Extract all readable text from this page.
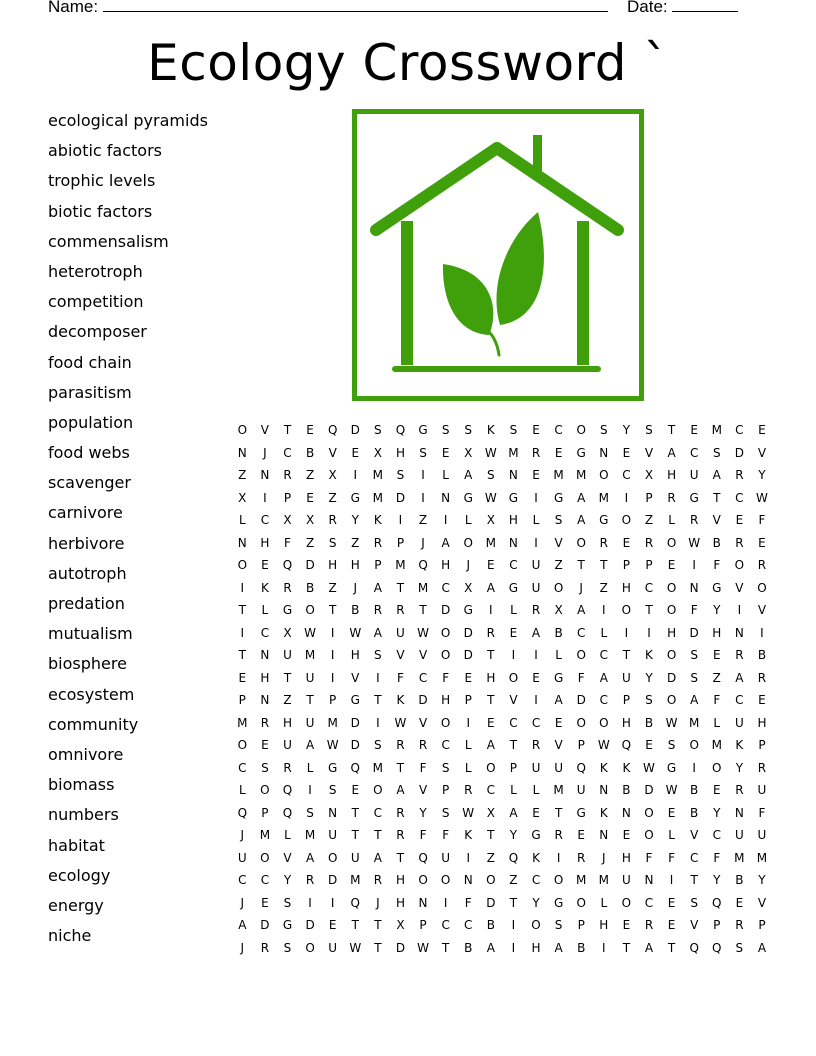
Name:	Date:
Ecology Crossword `
ecological pyramids
abiotic factors
trophic levels
biotic factors
commensalism
heterotroph
competition
decomposer
food chain
parasitism
population
food webs
scavenger
carnivore
herbivore
autotroph
predation
mutualism
biosphere
ecosystem
community
omnivore
biomass
numbers
habitat
ecology
energy
niche
O	V	T	E	Q	D	S	Q	G	S	S	K	S	E	C	O	S	Y	S	T	E	M	C	E
N	J	C	B	V	E	X	H	S	E	X	W	M	R	E	G	N	E	V	A	C	S	D	V
Z	N	R	Z	X	I	M	S	I	L	A	S	N	E	M	M	O	C	X	H	U	A	R	Y
X	I	P	E	Z	G	M	D	I	N	G	W	G	I	G	A	M	I	P	R	G	T	C	W
L	C	X	X	R	Y	K	I	Z	I	L	X	H	L	S	A	G	O	Z	L	R	V	E	F
N	H	F	Z	S	Z	R	P	J	A	O	M	N	I	V	O	R	E	R	O	W	B	R	E
O	E	Q	D	H	H	P	M	Q	H	J	E	C	U	Z	T	T	P	P	E	I	F	O	R
I	K	R	B	Z	J	A	T	M	C	X	A	G	U	O	J	Z	H	C	O	N	G	V	O
T	L	G	O	T	B	R	R	T	D	G	I	L	R	X	A	I	O	T	O	F	Y	I	V
I	C	X	W	I	W	A	U	W	O	D	R	E	A	B	C	L	I	I	H	D	H	N	I
T	N	U	M	I	H	S	V	V	O	D	T	I	I	L	O	C	T	K	O	S	E	R	B
E	H	T	U	I	V	I	F	C	F	E	H	O	E	G	F	A	U	Y	D	S	Z	A	R
P	N	Z	T	P	G	T	K	D	H	P	T	V	I	A	D	C	P	S	O	A	F	C	E
M	R	H	U	M	D	I	W	V	O	I	E	C	C	E	O	O	H	B	W	M	L	U	H
O	E	U	A	W	D	S	R	R	C	L	A	T	R	V	P	W	Q	E	S	O	M	K	P
C	S	R	L	G	Q	M	T	F	S	L	O	P	U	U	Q	K	K	W	G	I	O	Y	R
L	O	Q	I	S	E	O	A	V	P	R	C	L	L	M	U	N	B	D	W	B	E	R	U
Q	P	Q	S	N	T	C	R	Y	S	W	X	A	E	T	G	K	N	O	E	B	Y	N	F
J	M	L	M	U	T	T	R	F	F	K	T	Y	G	R	E	N	E	O	L	V	C	U	U
U	O	V	A	O	U	A	T	Q	U	I	Z	Q	K	I	R	J	H	F	F	C	F	M	M
C	C	Y	R	D	M	R	H	O	O	N	O	Z	C	O	M	M	U	N	I	T	Y	B	Y
J	E	S	I	I	Q	J	H	N	I	F	D	T	Y	G	O	L	O	C	E	S	Q	E	V
A	D	G	D	E	T	T	X	P	C	C	B	I	O	S	P	H	E	R	E	V	P	R	P
J	R	S	O	U	W	T	D	W	T	B	A	I	H	A	B	I	T	A	T	Q	Q	S	A
